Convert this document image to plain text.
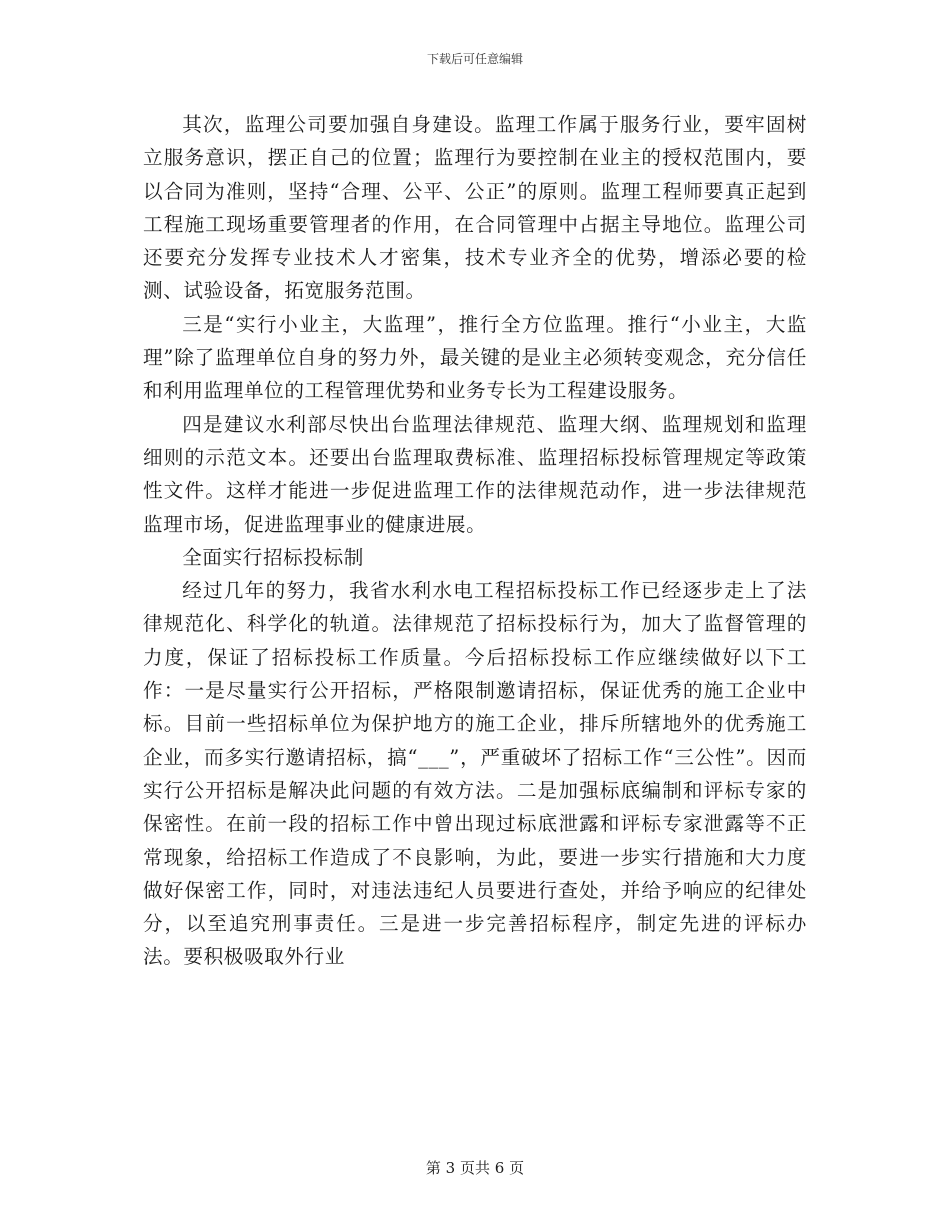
下载后可任意编辑

其次，监理公司要加强自身建设。监理工作属于服务行业，要牢固树立服务意识，摆正自己的位置；监理行为要控制在业主的授权范围内，要以合同为准则，坚持“合理、公平、公正”的原则。监理工程师要真正起到工程施工现场重要管理者的作用，在合同管理中占据主导地位。监理公司还要充分发挥专业技术人才密集，技术专业齐全的优势，增添必要的检测、试验设备，拓宽服务范围。

三是“实行小业主，大监理”，推行全方位监理。推行“小业主，大监理”除了监理单位自身的努力外，最关键的是业主必须转变观念，充分信任和利用监理单位的工程管理优势和业务专长为工程建设服务。

四是建议水利部尽快出台监理法律规范、监理大纲、监理规划和监理细则的示范文本。还要出台监理取费标准、监理招标投标管理规定等政策性文件。这样才能进一步促进监理工作的法律规范动作，进一步法律规范监理市场，促进监理事业的健康进展。

全面实行招标投标制

经过几年的努力，我省水利水电工程招标投标工作已经逐步走上了法律规范化、科学化的轨道。法律规范了招标投标行为，加大了监督管理的力度，保证了招标投标工作质量。今后招标投标工作应继续做好以下工作：一是尽量实行公开招标，严格限制邀请招标，保证优秀的施工企业中标。目前一些招标单位为保护地方的施工企业，排斥所辖地外的优秀施工企业，而多实行邀请招标，搞“___”，严重破坏了招标工作“三公性”。因而实行公开招标是解决此问题的有效方法。二是加强标底编制和评标专家的保密性。在前一段的招标工作中曾出现过标底泄露和评标专家泄露等不正常现象，给招标工作造成了不良影响，为此，要进一步实行措施和大力度做好保密工作，同时，对违法违纪人员要进行查处，并给予响应的纪律处分，以至追究刑事责任。三是进一步完善招标程序，制定先进的评标办法。要积极吸取外行业

第 3 页共 6 页
